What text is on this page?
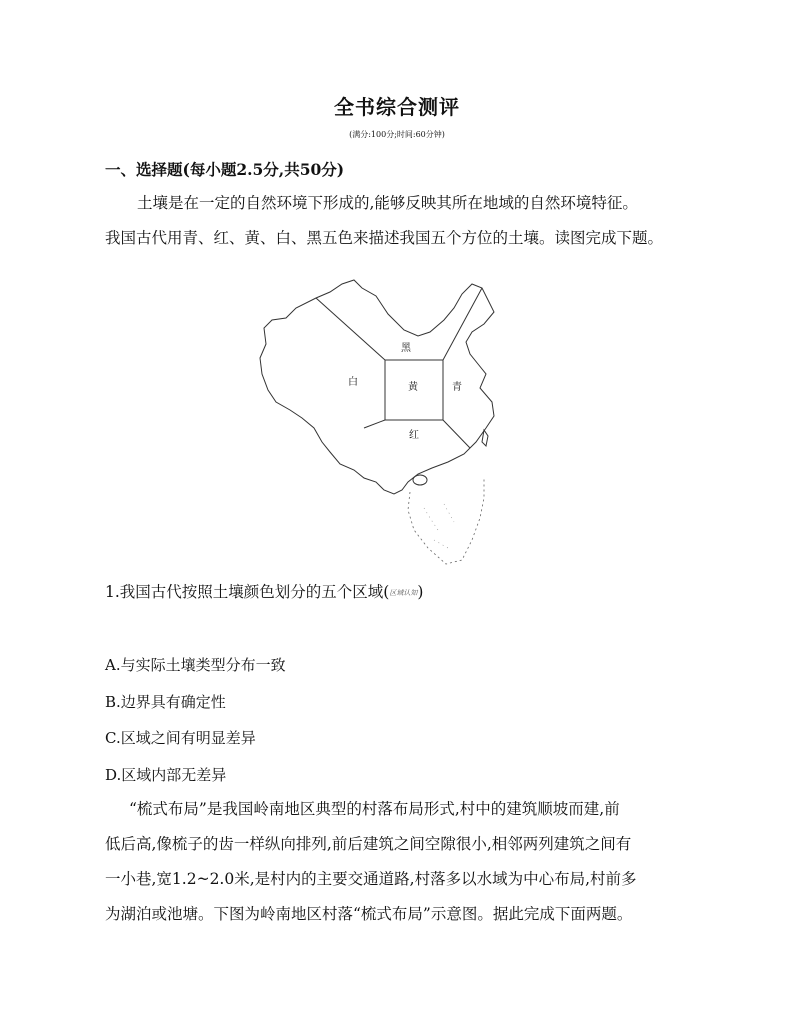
全书综合测评
(满分:100分;时间:60分钟)
一、选择题(每小题2.5分,共50分)
土壤是在一定的自然环境下形成的,能够反映其所在地域的自然环境特征。
我国古代用青、红、黄、白、黑五色来描述我国五个方位的土壤。读图完成下题。
黑
白	黄	青
红
1.我国古代按照土壤颜色划分的五个区域(区域认知)
A.与实际土壤类型分布一致
B.边界具有确定性
C.区域之间有明显差异
D.区域内部无差异
“梳式布局”是我国岭南地区典型的村落布局形式,村中的建筑顺坡而建,前
低后高,像梳子的齿一样纵向排列,前后建筑之间空隙很小,相邻两列建筑之间有
一小巷,宽1.2~2.0米,是村内的主要交通道路,村落多以水域为中心布局,村前多
为湖泊或池塘。下图为岭南地区村落“梳式布局”示意图。据此完成下面两题。
